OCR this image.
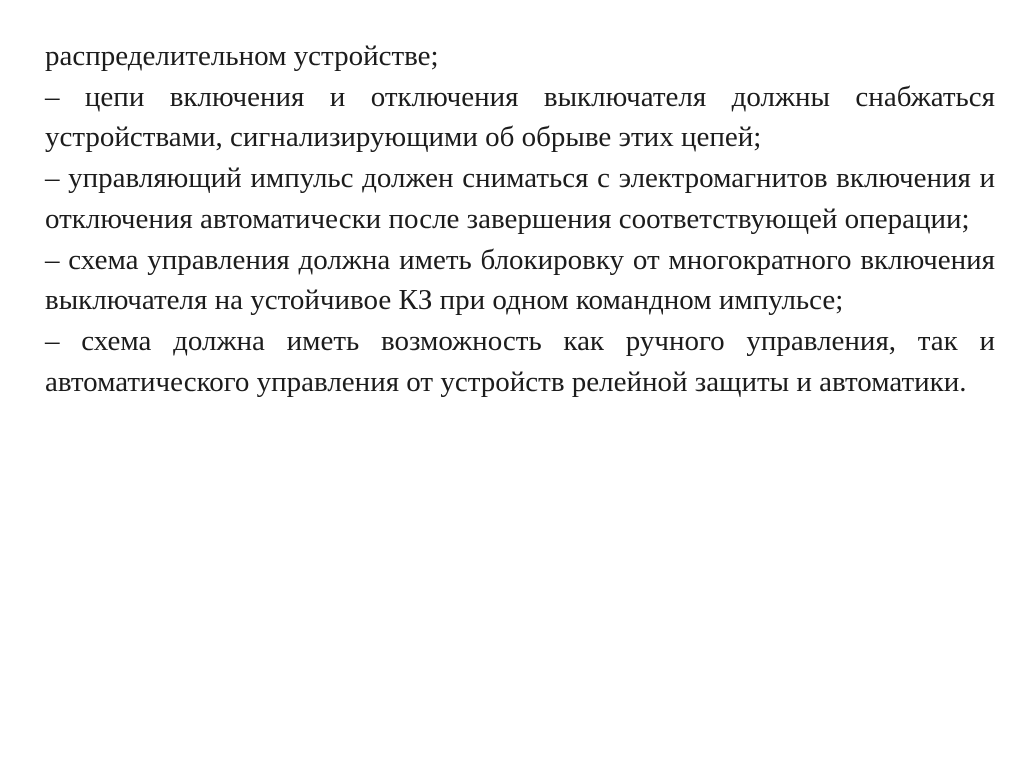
распределительном устройстве;

– цепи включения и отключения выключателя должны снабжаться устройствами, сигнализирующими об обрыве этих цепей;

– управляющий импульс должен сниматься с электромагнитов включения и отключения автоматически после завершения соответствующей операции;

– схема управления должна иметь блокировку от многократного включения выключателя на устойчивое КЗ при одном командном импульсе;

– схема должна иметь возможность как ручного управления, так и автоматического управления от устройств релейной защиты и автоматики.
